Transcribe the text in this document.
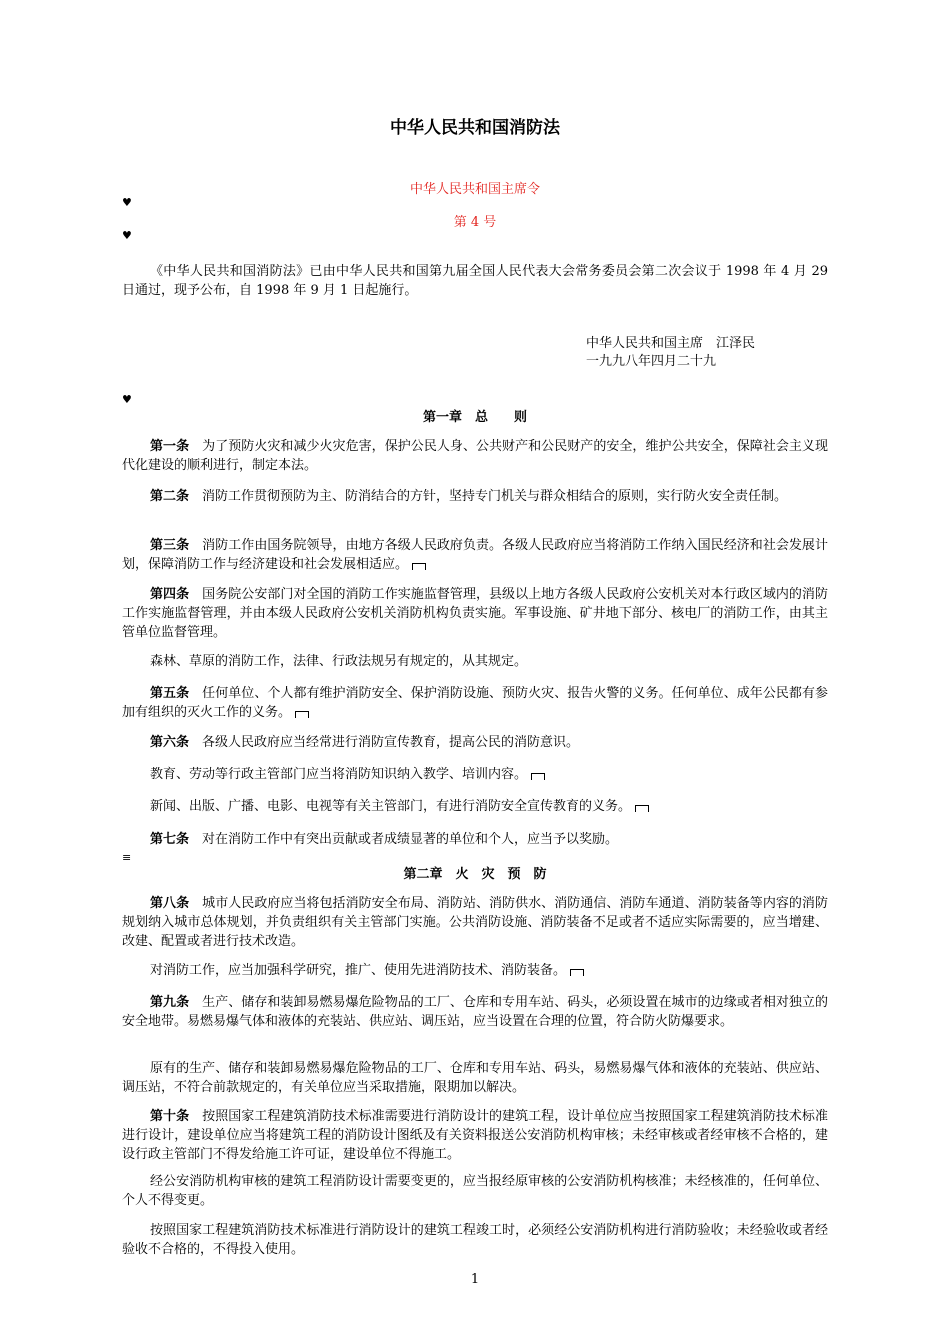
中华人民共和国消防法
中华人民共和国主席令
♥
第 4 号
♥

《中华人民共和国消防法》已由中华人民共和国第九届全国人民代表大会常务委员会第二次会议于 1998 年 4 月 29 日通过，现予公布，自 1998 年 9 月 1 日起施行。

中华人民共和国主席　江泽民
一九九八年四月二十九
♥
第一章　总　　则

第一条　 为了预防火灾和减少火灾危害，保护公民人身、公共财产和公民财产的安全，维护公共安全，保障社会主义现代化建设的顺利进行，制定本法。

第二条　 消防工作贯彻预防为主、防消结合的方针，坚持专门机关与群众相结合的原则，实行防火安全责任制。

第三条　 消防工作由国务院领导，由地方各级人民政府负责。各级人民政府应当将消防工作纳入国民经济和社会发展计划，保障消防工作与经济建设和社会发展相适应。

第四条　 国务院公安部门对全国的消防工作实施监督管理，县级以上地方各级人民政府公安机关对本行政区域内的消防工作实施监督管理，并由本级人民政府公安机关消防机构负责实施。军事设施、矿井地下部分、核电厂的消防工作，由其主管单位监督管理。

森林、草原的消防工作，法律、行政法规另有规定的，从其规定。

第五条　 任何单位、个人都有维护消防安全、保护消防设施、预防火灾、报告火警的义务。任何单位、成年公民都有参加有组织的灭火工作的义务。

第六条　 各级人民政府应当经常进行消防宣传教育，提高公民的消防意识。

教育、劳动等行政主管部门应当将消防知识纳入教学、培训内容。

新闻、出版、广播、电影、电视等有关主管部门，有进行消防安全宣传教育的义务。

第七条　 对在消防工作中有突出贡献或者成绩显著的单位和个人，应当予以奖励。

≡
第二章　火　灾　预　防

第八条　 城市人民政府应当将包括消防安全布局、消防站、消防供水、消防通信、消防车通道、消防装备等内容的消防规划纳入城市总体规划，并负责组织有关主管部门实施。公共消防设施、消防装备不足或者不适应实际需要的，应当增建、改建、配置或者进行技术改造。

对消防工作，应当加强科学研究，推广、使用先进消防技术、消防装备。

第九条　 生产、储存和装卸易燃易爆危险物品的工厂、仓库和专用车站、码头，必须设置在城市的边缘或者相对独立的安全地带。易燃易爆气体和液体的充装站、供应站、调压站，应当设置在合理的位置，符合防火防爆要求。

原有的生产、储存和装卸易燃易爆危险物品的工厂、仓库和专用车站、码头，易燃易爆气体和液体的充装站、供应站、调压站，不符合前款规定的，有关单位应当采取措施，限期加以解决。

第十条　 按照国家工程建筑消防技术标准需要进行消防设计的建筑工程，设计单位应当按照国家工程建筑消防技术标准进行设计，建设单位应当将建筑工程的消防设计图纸及有关资料报送公安消防机构审核；未经审核或者经审核不合格的，建设行政主管部门不得发给施工许可证，建设单位不得施工。

经公安消防机构审核的建筑工程消防设计需要变更的，应当报经原审核的公安消防机构核准；未经核准的，任何单位、个人不得变更。

按照国家工程建筑消防技术标准进行消防设计的建筑工程竣工时，必须经公安消防机构进行消防验收；未经验收或者经验收不合格的，不得投入使用。

1
